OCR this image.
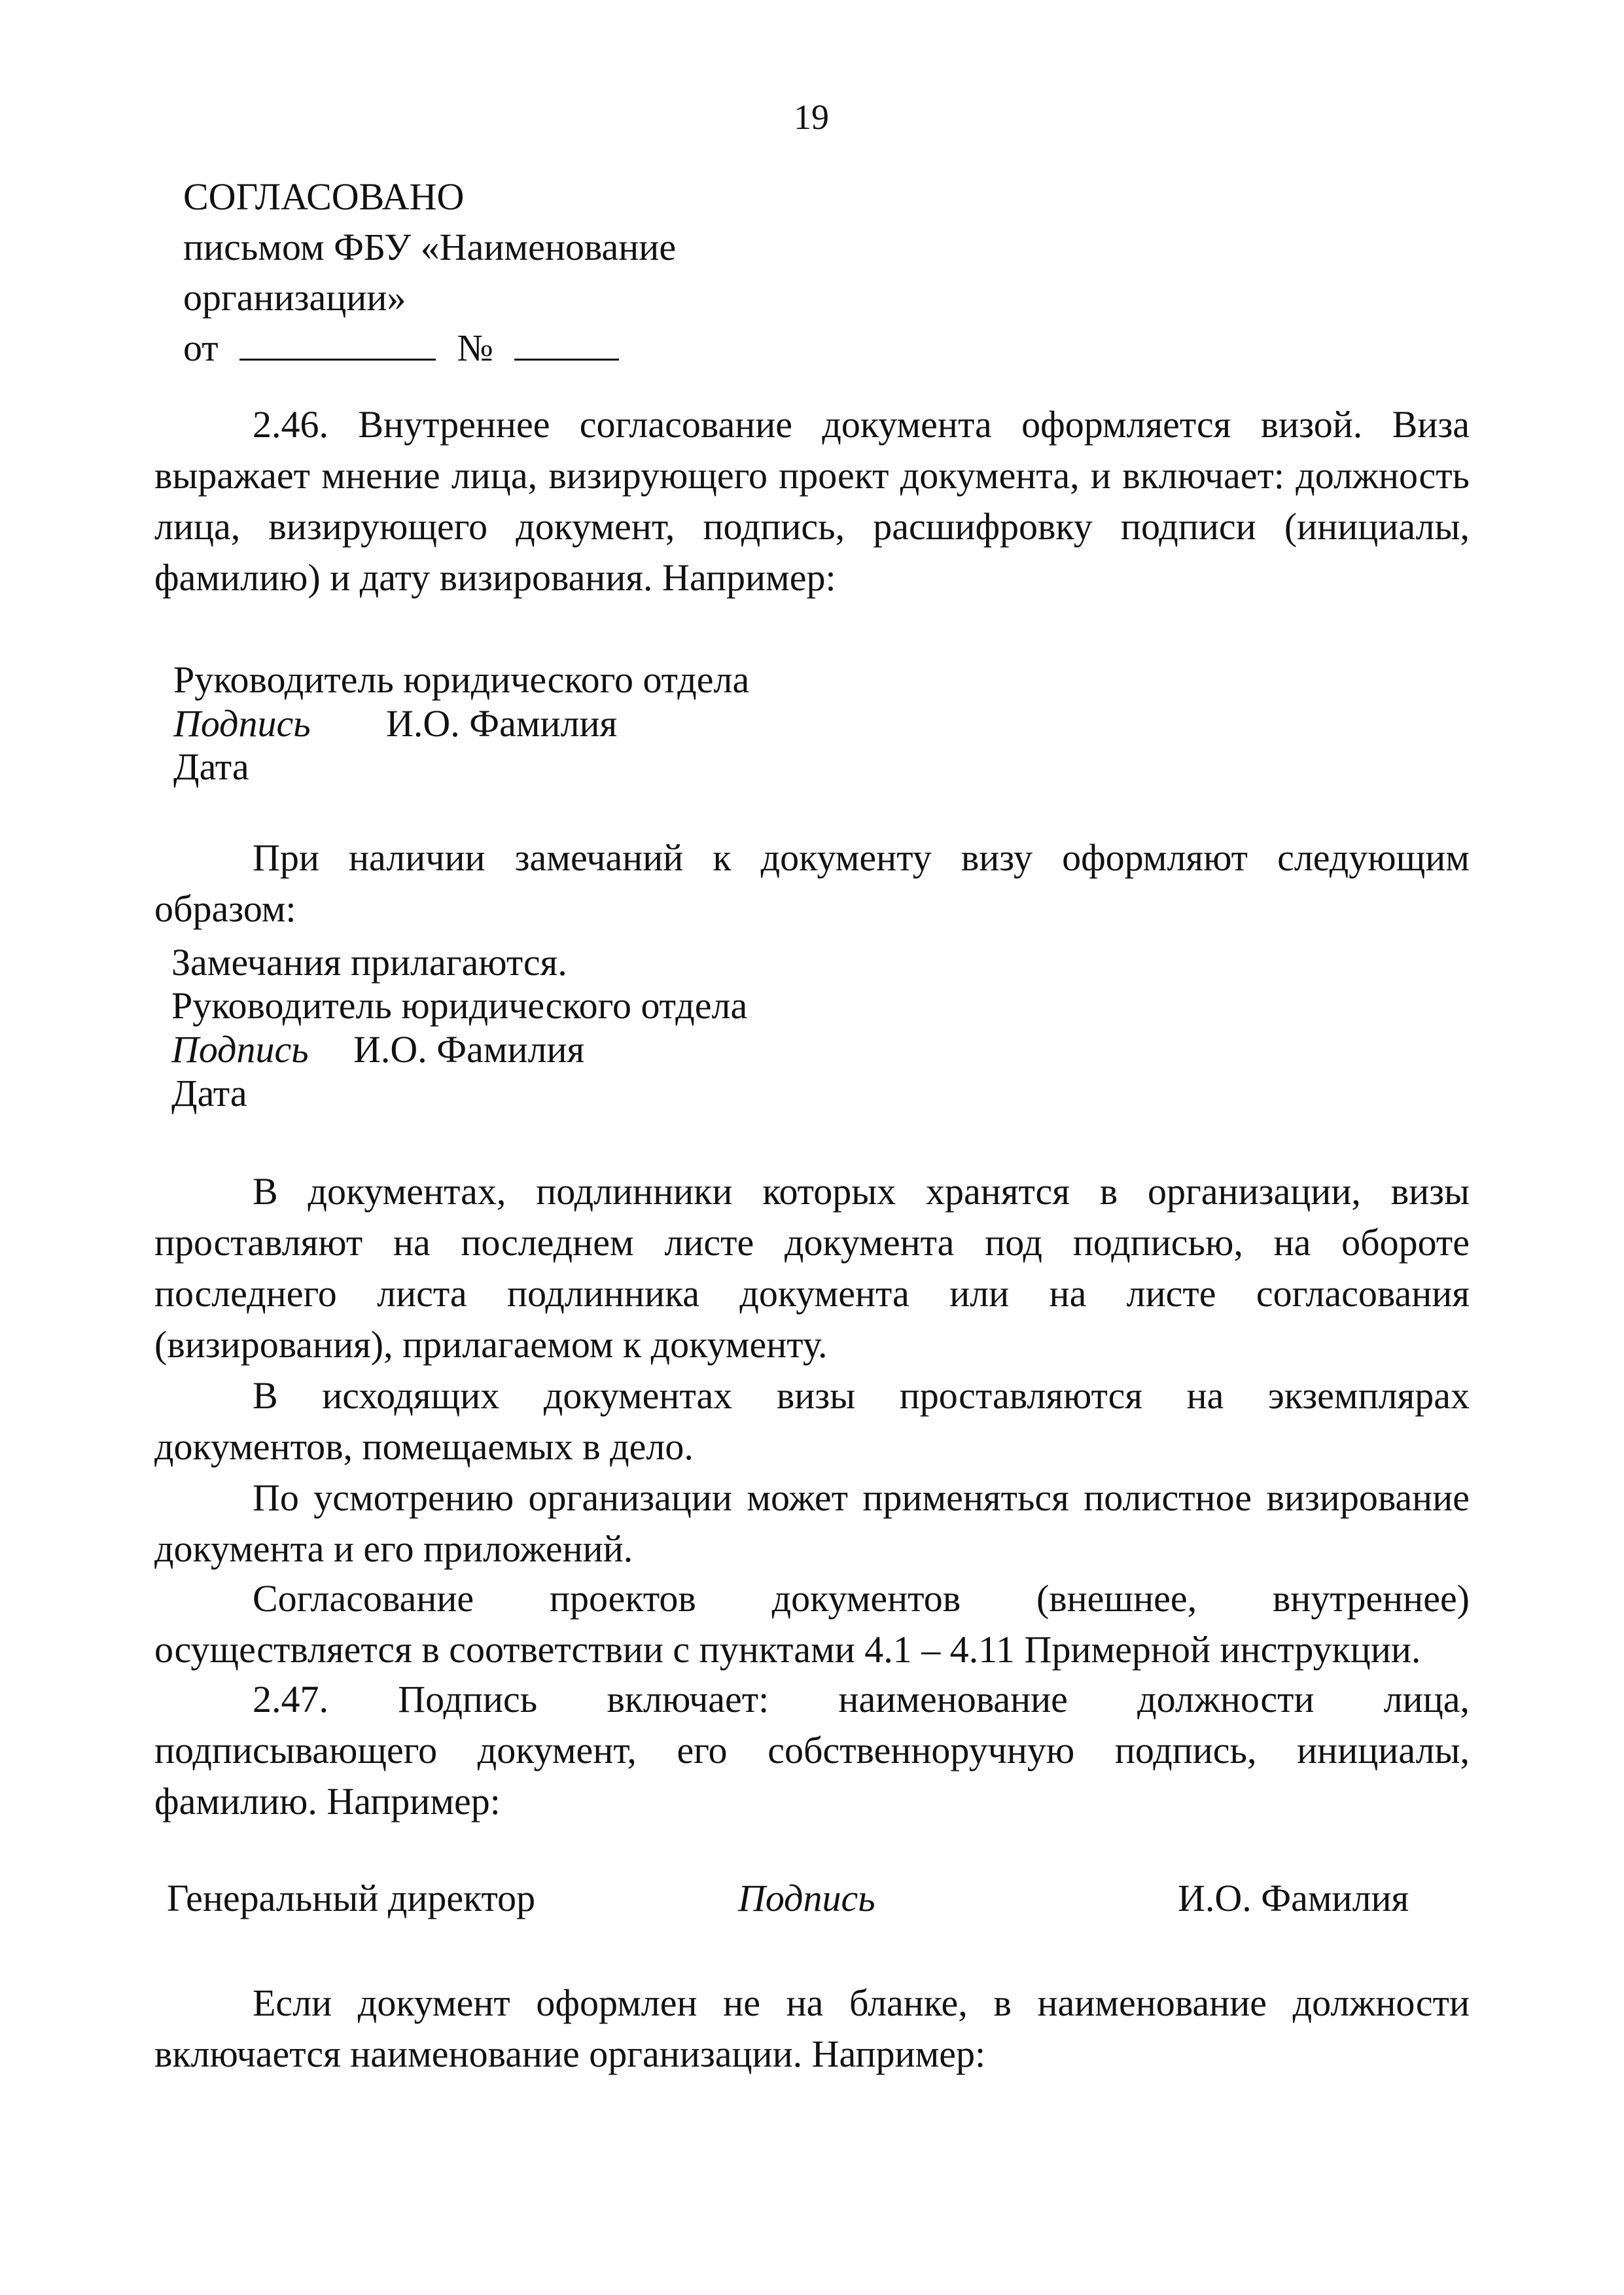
19
СОГЛАСОВАНО
письмом ФБУ «Наименование
организации»
от	№
2.46. Внутреннее согласование документа оформляется визой. Виза
выражает мнение лица, визирующего проект документа, и включает: должность
лица, визирующего документ, подпись, расшифровку подписи (инициалы,
фамилию) и дату визирования. Например:
Руководитель юридического отдела
Подпись И.О. Фамилия
Дата
При наличии замечаний к документу визу оформляют следующим
образом:
Замечания прилагаются.
Руководитель юридического отдела
Подпись И.О. Фамилия
Дата
В документах, подлинники которых хранятся в организации, визы
проставляют на последнем листе документа под подписью, на обороте
последнего листа подлинника документа или на листе согласования
(визирования), прилагаемом к документу.
В исходящих документах визы проставляются на экземплярах
документов, помещаемых в дело.
По усмотрению организации может применяться полистное визирование
документа и его приложений.
Согласование проектов документов (внешнее, внутреннее)
осуществляется в соответствии с пунктами 4.1 – 4.11 Примерной инструкции.
2.47. Подпись включает: наименование должности лица,
подписывающего документ, его собственноручную подпись, инициалы,
фамилию. Например:
Генеральный директор	Подпись	И.О. Фамилия
Если документ оформлен не на бланке, в наименование должности
включается наименование организации. Например:
